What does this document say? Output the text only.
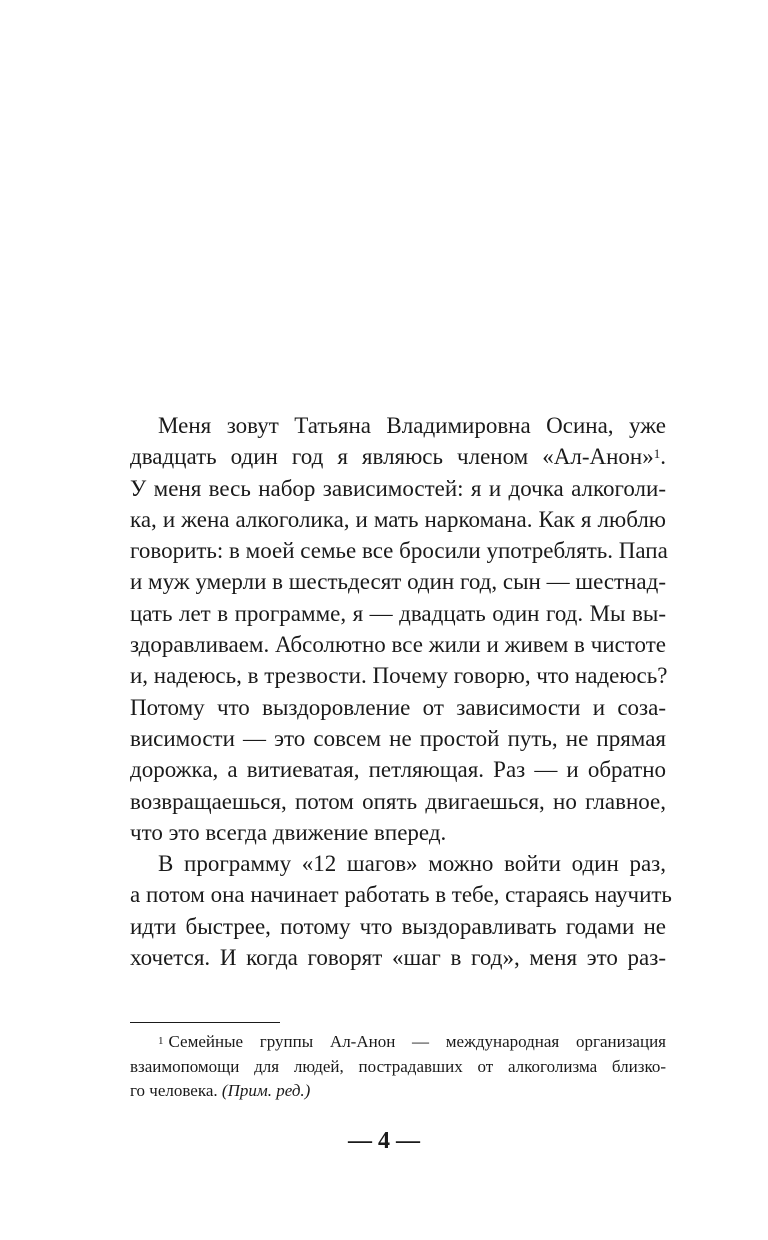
Меня зовут Татьяна Владимировна Осина, уже
двадцать один год я являюсь членом «Ал-Анон»$^1$.
У меня весь набор зависимостей: я и дочка алкоголи-
ка, и жена алкоголика, и мать наркомана. Как я люблю
говорить: в моей семье все бросили употреблять. Папа
и муж умерли в шестьдесят один год, сын — шестнад-
цать лет в программе, я — двадцать один год. Мы вы-
здоравливаем. Абсолютно все жили и живем в чистоте
и, надеюсь, в трезвости. Почему говорю, что надеюсь?
Потому что выздоровление от зависимости и соза-
висимости — это совсем не простой путь, не прямая
дорожка, а витиеватая, петляющая. Раз — и обратно
возвращаешься, потом опять двигаешься, но главное,
что это всегда движение вперед.
В программу «12 шагов» можно войти один раз,
а потом она начинает работать в тебе, стараясь научить
идти быстрее, потому что выздоравливать годами не
хочется. И когда говорят «шаг в год», меня это раз-
$^1$ Семейные группы Ал-Анон — международная организация
взаимопомощи для людей, пострадавших от алкоголизма близко-
го человека. (Прим. ред.)
— 4 —
